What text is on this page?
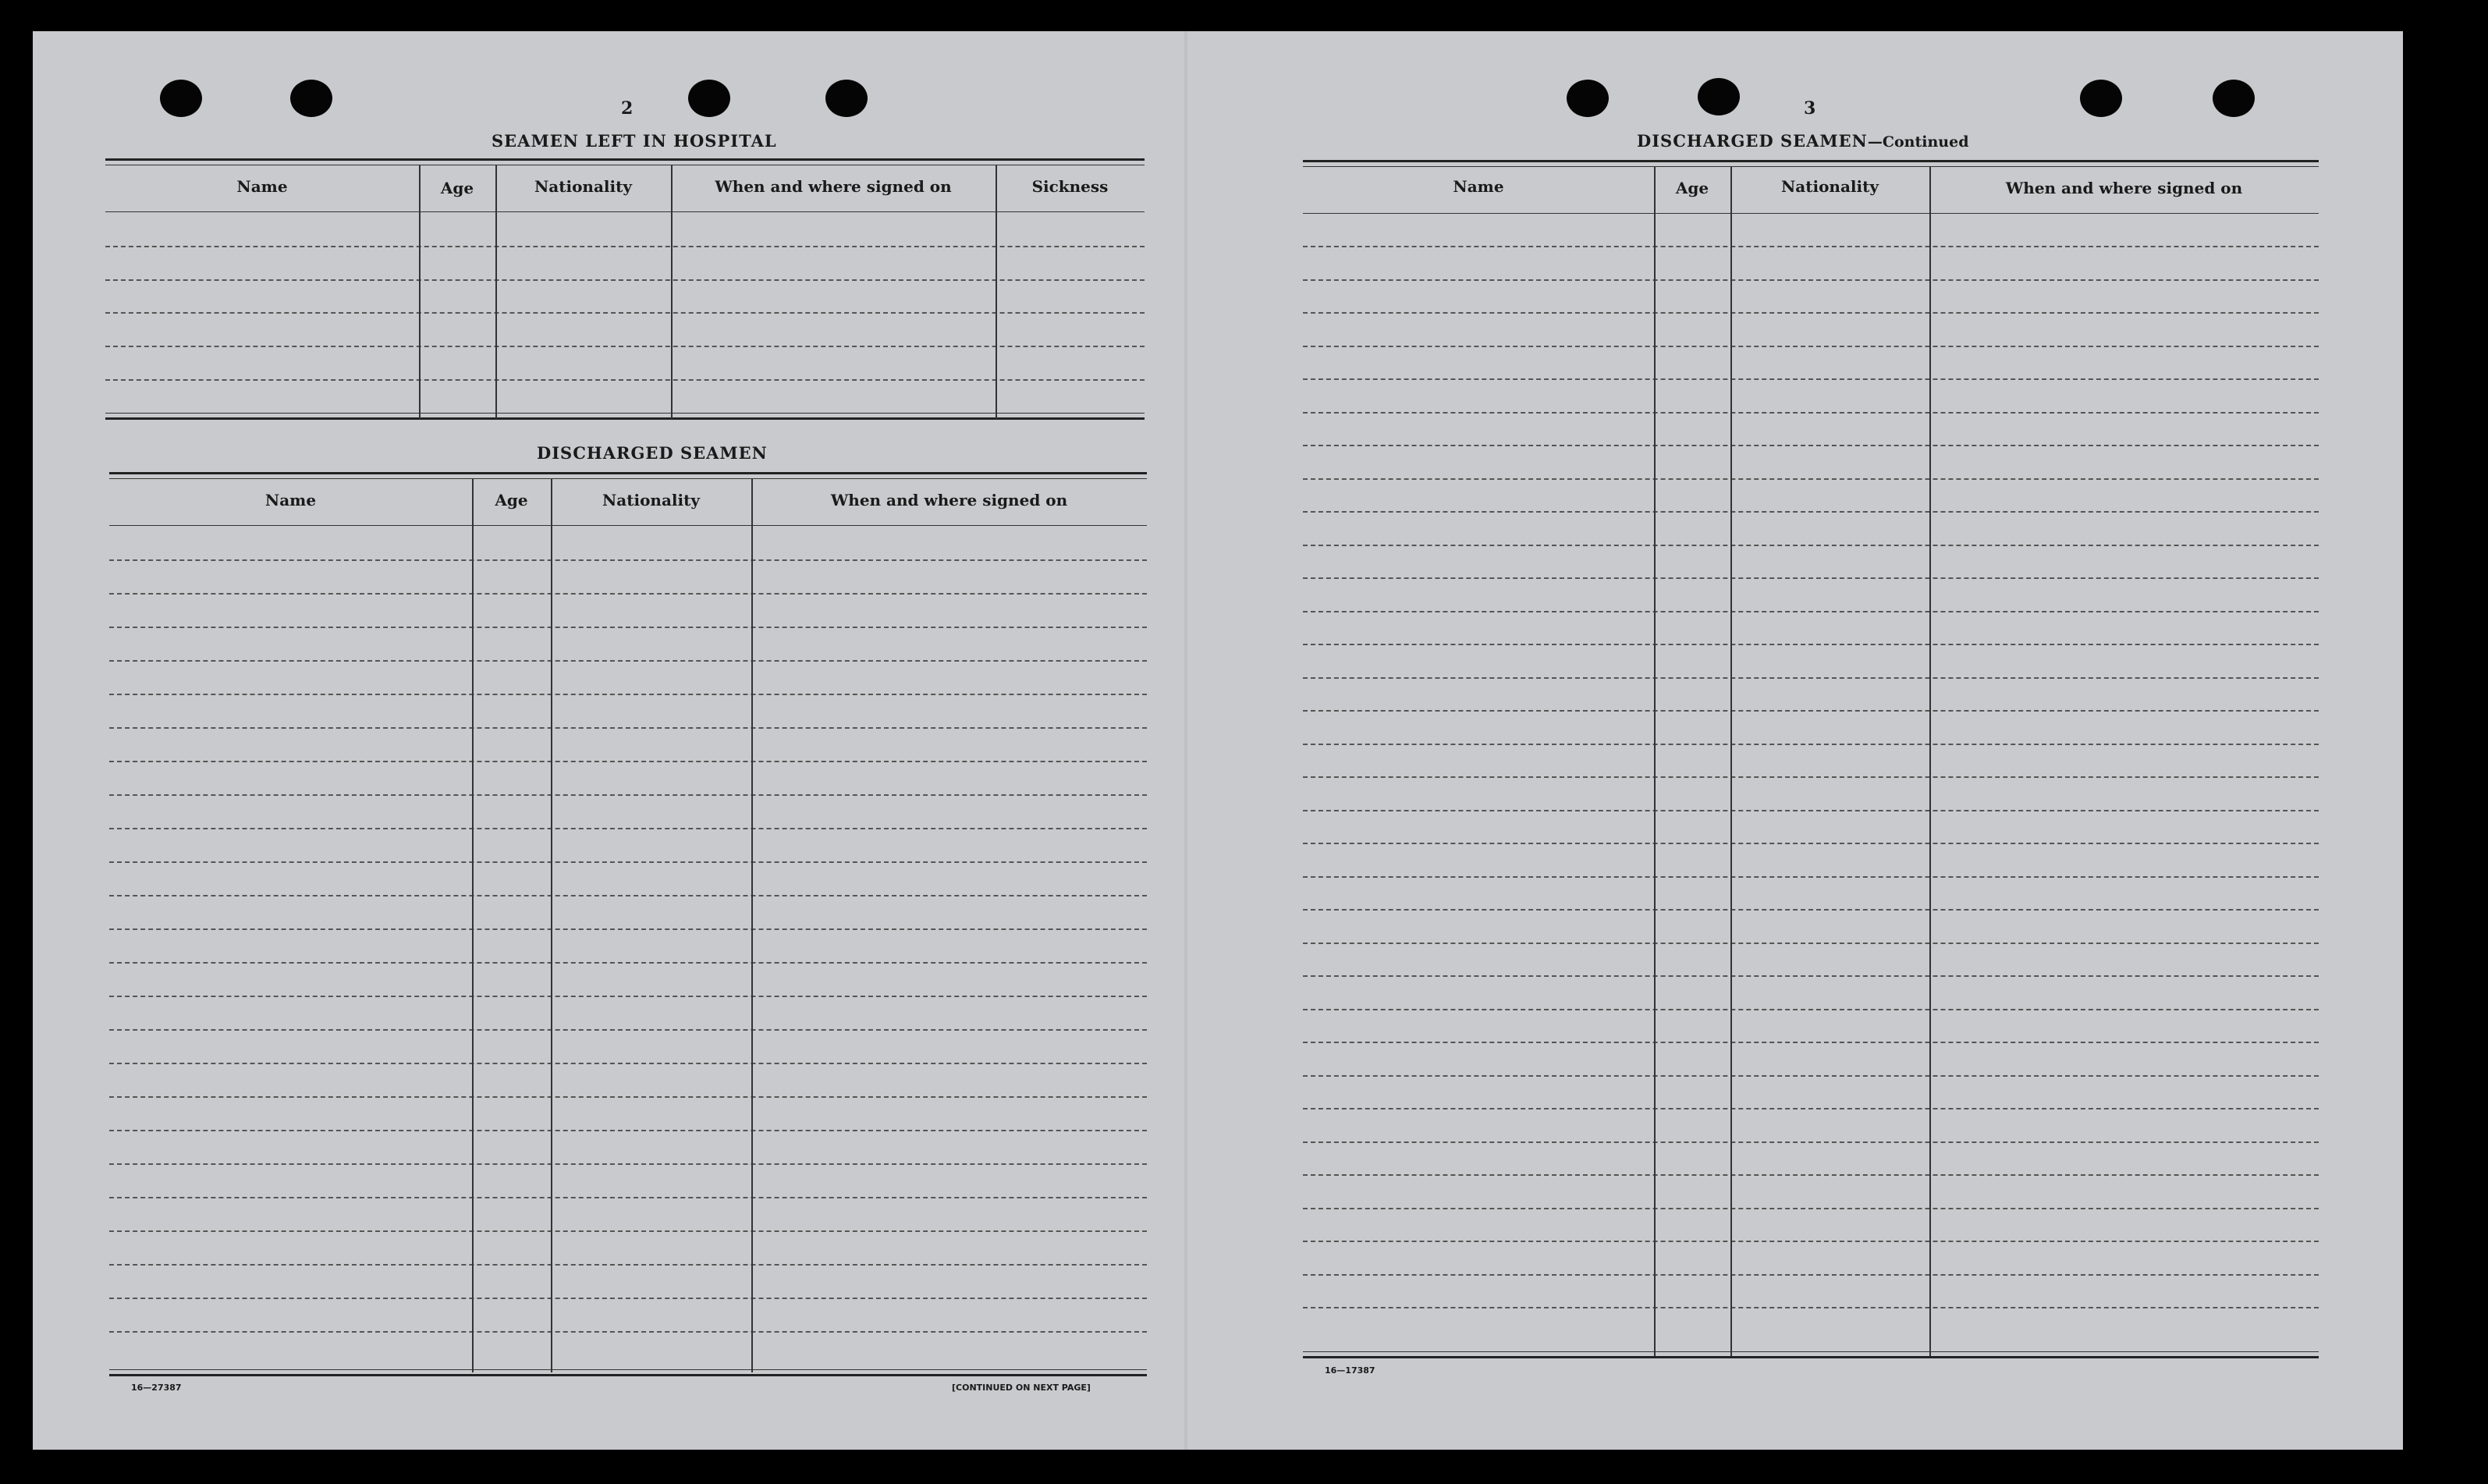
2
SEAMEN LEFT IN HOSPITAL
Name	Age	Nationality	When and where signed on	Sickness
DISCHARGED SEAMEN
Name	Age	Nationality	When and where signed on
16—27387	[CONTINUED ON NEXT PAGE]
3
DISCHARGED SEAMEN—Continued
Name	Age	Nationality	When and where signed on
16—17387
